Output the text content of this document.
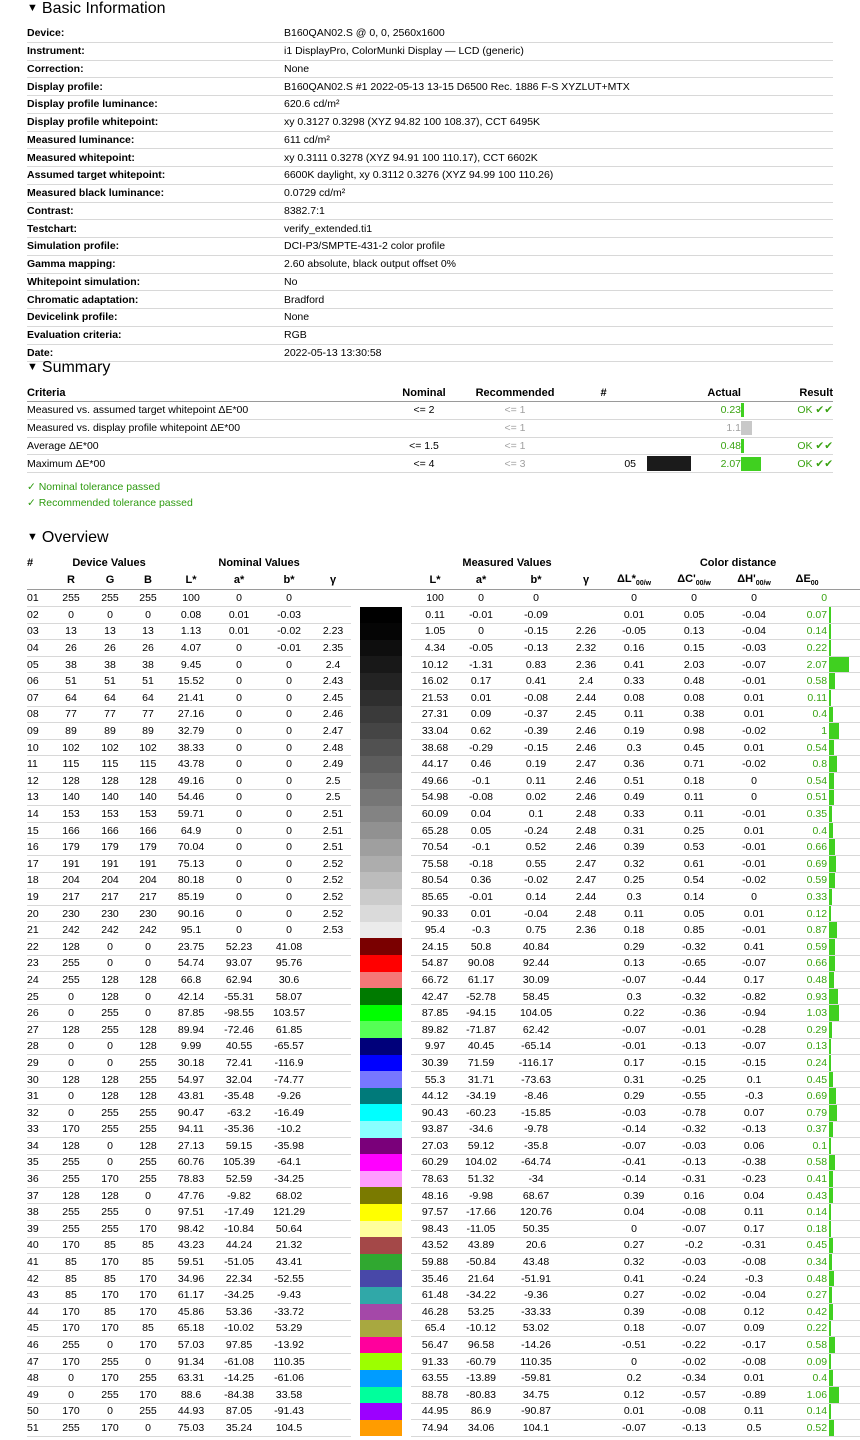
▼ Basic Information
Device:	B160QAN02.S @ 0, 0, 2560x1600
Instrument:	i1 DisplayPro, ColorMunki Display — LCD (generic)
Correction:	None
Display profile:	B160QAN02.S #1 2022-05-13 13-15 D6500 Rec. 1886 F-S XYZLUT+MTX
Display profile luminance:	620.6 cd/m²
Display profile whitepoint:	xy 0.3127 0.3298 (XYZ 94.82 100 108.37), CCT 6495K
Measured luminance:	611 cd/m²
Measured whitepoint:	xy 0.3111 0.3278 (XYZ 94.91 100 110.17), CCT 6602K
Assumed target whitepoint:	6600K daylight, xy 0.3112 0.3276 (XYZ 94.99 100 110.26)
Measured black luminance:	0.0729 cd/m²
Contrast:	8382.7:1
Testchart:	verify_extended.ti1
Simulation profile:	DCI-P3/SMPTE-431-2 color profile
Gamma mapping:	2.60 absolute, black output offset 0%
Whitepoint simulation:	No
Chromatic adaptation:	Bradford
Devicelink profile:	None
Evaluation criteria:	RGB
Date:	2022-05-13 13:30:58
▼ Summary
Criteria	Nominal	Recommended	#		Actual		Result
Measured vs. assumed target whitepoint ΔE*00	<= 2	<= 1			0.23		OK ✔✔
Measured vs. display profile whitepoint ΔE*00		<= 1			1.1		
Average ΔE*00	<= 1.5	<= 1			0.48		OK ✔✔
Maximum ΔE*00	<= 4	<= 3	05		2.07		OK ✔✔
✓ Nominal tolerance passed
✓ Recommended tolerance passed
▼ Overview
#	Device Values			Nominal Values					Measured Values				Color distance				
	R	G	B	L*	a*	b*	γ		L*	a*	b*	γ	$\Delta L*_{00/w}$	$\Delta C'_{00/w}$	$\Delta H'_{00/w}$	$\Delta E_{00}$	
01	255	255	255	100	0	0			100	0	0		0	0	0	0	
02	0	0	0	0.08	0.01	-0.03			0.11	-0.01	-0.09		0.01	0.05	-0.04	0.07	

03	13	13	13	1.13	0.01	-0.02	2.23		1.05	0	-0.15	2.26	-0.05	0.13	-0.04	0.14	

04	26	26	26	4.07	0	-0.01	2.35		4.34	-0.05	-0.13	2.32	0.16	0.15	-0.03	0.22	

05	38	38	38	9.45	0	0	2.4		10.12	-1.31	0.83	2.36	0.41	2.03	-0.07	2.07	

06	51	51	51	15.52	0	0	2.43		16.02	0.17	0.41	2.4	0.33	0.48	-0.01	0.58	

07	64	64	64	21.41	0	0	2.45		21.53	0.01	-0.08	2.44	0.08	0.08	0.01	0.11	

08	77	77	77	27.16	0	0	2.46		27.31	0.09	-0.37	2.45	0.11	0.38	0.01	0.4	

09	89	89	89	32.79	0	0	2.47		33.04	0.62	-0.39	2.46	0.19	0.98	-0.02	1	

10	102	102	102	38.33	0	0	2.48		38.68	-0.29	-0.15	2.46	0.3	0.45	0.01	0.54	

11	115	115	115	43.78	0	0	2.49		44.17	0.46	0.19	2.47	0.36	0.71	-0.02	0.8	

12	128	128	128	49.16	0	0	2.5		49.66	-0.1	0.11	2.46	0.51	0.18	0	0.54	

13	140	140	140	54.46	0	0	2.5		54.98	-0.08	0.02	2.46	0.49	0.11	0	0.51	

14	153	153	153	59.71	0	0	2.51		60.09	0.04	0.1	2.48	0.33	0.11	-0.01	0.35	

15	166	166	166	64.9	0	0	2.51		65.28	0.05	-0.24	2.48	0.31	0.25	0.01	0.4	

16	179	179	179	70.04	0	0	2.51		70.54	-0.1	0.52	2.46	0.39	0.53	-0.01	0.66	

17	191	191	191	75.13	0	0	2.52		75.58	-0.18	0.55	2.47	0.32	0.61	-0.01	0.69	

18	204	204	204	80.18	0	0	2.52		80.54	0.36	-0.02	2.47	0.25	0.54	-0.02	0.59	

19	217	217	217	85.19	0	0	2.52		85.65	-0.01	0.14	2.44	0.3	0.14	0	0.33	

20	230	230	230	90.16	0	0	2.52		90.33	0.01	-0.04	2.48	0.11	0.05	0.01	0.12	

21	242	242	242	95.1	0	0	2.53		95.4	-0.3	0.75	2.36	0.18	0.85	-0.01	0.87	

22	128	0	0	23.75	52.23	41.08			24.15	50.8	40.84		0.29	-0.32	0.41	0.59	

23	255	0	0	54.74	93.07	95.76			54.87	90.08	92.44		0.13	-0.65	-0.07	0.66	

24	255	128	128	66.8	62.94	30.6			66.72	61.17	30.09		-0.07	-0.44	0.17	0.48	

25	0	128	0	42.14	-55.31	58.07			42.47	-52.78	58.45		0.3	-0.32	-0.82	0.93	

26	0	255	0	87.85	-98.55	103.57			87.85	-94.15	104.05		0.22	-0.36	-0.94	1.03	

27	128	255	128	89.94	-72.46	61.85			89.82	-71.87	62.42		-0.07	-0.01	-0.28	0.29	

28	0	0	128	9.99	40.55	-65.57			9.97	40.45	-65.14		-0.01	-0.13	-0.07	0.13	

29	0	0	255	30.18	72.41	-116.9			30.39	71.59	-116.17		0.17	-0.15	-0.15	0.24	

30	128	128	255	54.97	32.04	-74.77			55.3	31.71	-73.63		0.31	-0.25	0.1	0.45	

31	0	128	128	43.81	-35.48	-9.26			44.12	-34.19	-8.46		0.29	-0.55	-0.3	0.69	

32	0	255	255	90.47	-63.2	-16.49			90.43	-60.23	-15.85		-0.03	-0.78	0.07	0.79	

33	170	255	255	94.11	-35.36	-10.2			93.87	-34.6	-9.78		-0.14	-0.32	-0.13	0.37	

34	128	0	128	27.13	59.15	-35.98			27.03	59.12	-35.8		-0.07	-0.03	0.06	0.1	

35	255	0	255	60.76	105.39	-64.1			60.29	104.02	-64.74		-0.41	-0.13	-0.38	0.58	

36	255	170	255	78.83	52.59	-34.25			78.63	51.32	-34		-0.14	-0.31	-0.23	0.41	

37	128	128	0	47.76	-9.82	68.02			48.16	-9.98	68.67		0.39	0.16	0.04	0.43	

38	255	255	0	97.51	-17.49	121.29			97.57	-17.66	120.76		0.04	-0.08	0.11	0.14	

39	255	255	170	98.42	-10.84	50.64			98.43	-11.05	50.35		0	-0.07	0.17	0.18	

40	170	85	85	43.23	44.24	21.32			43.52	43.89	20.6		0.27	-0.2	-0.31	0.45	

41	85	170	85	59.51	-51.05	43.41			59.88	-50.84	43.48		0.32	-0.03	-0.08	0.34	

42	85	85	170	34.96	22.34	-52.55			35.46	21.64	-51.91		0.41	-0.24	-0.3	0.48	

43	85	170	170	61.17	-34.25	-9.43			61.48	-34.22	-9.36		0.27	-0.02	-0.04	0.27	

44	170	85	170	45.86	53.36	-33.72			46.28	53.25	-33.33		0.39	-0.08	0.12	0.42	

45	170	170	85	65.18	-10.02	53.29			65.4	-10.12	53.02		0.18	-0.07	0.09	0.22	

46	255	0	170	57.03	97.85	-13.92			56.47	96.58	-14.26		-0.51	-0.22	-0.17	0.58	

47	170	255	0	91.34	-61.08	110.35			91.33	-60.79	110.35		0	-0.02	-0.08	0.09	

48	0	170	255	63.31	-14.25	-61.06			63.55	-13.89	-59.81		0.2	-0.34	0.01	0.4	

49	0	255	170	88.6	-84.38	33.58			88.78	-80.83	34.75		0.12	-0.57	-0.89	1.06	

50	170	0	255	44.93	87.05	-91.43			44.95	86.9	-90.87		0.01	-0.08	0.11	0.14	

51	255	170	0	75.03	35.24	104.5			74.94	34.06	104.1		-0.07	-0.13	0.5	0.52	
